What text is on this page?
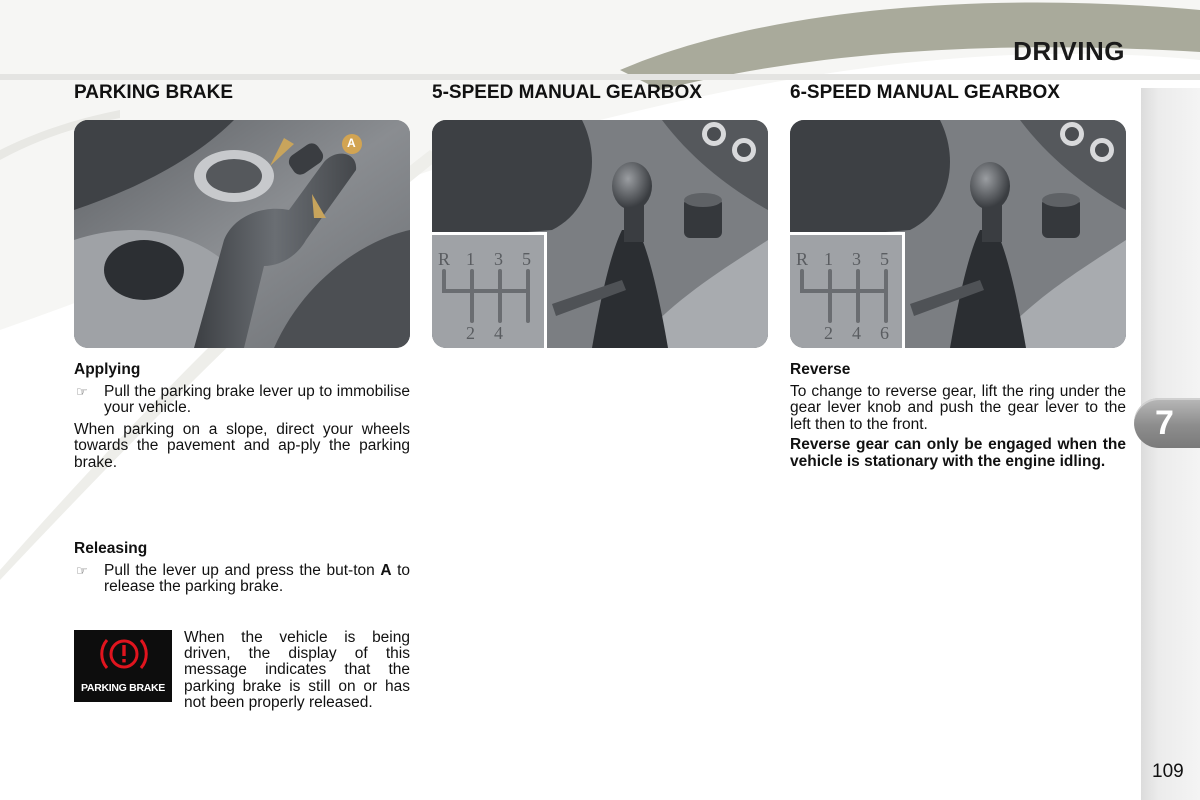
DRIVING
7
109
PARKING BRAKE
A
Applying
☞ Pull the parking brake lever up to immobilise your vehicle.

When parking on a slope, direct your wheels towards the pavement and ap-ply the parking brake.

Releasing
☞ Pull the lever up and press the but-ton A to release the parking brake.
PARKING BRAKE

When the vehicle is being driven, the display of this message indicates that the parking brake is still on or has not been properly released.

5-SPEED MANUAL GEARBOX
R 1 3 5
2 4
6-SPEED MANUAL GEARBOX
R 1 3 5
2 4 6
Reverse

To change to reverse gear, lift the ring under the gear lever knob and push the gear lever to the left then to the front.

Reverse gear can only be engaged when the vehicle is stationary with the engine idling.
